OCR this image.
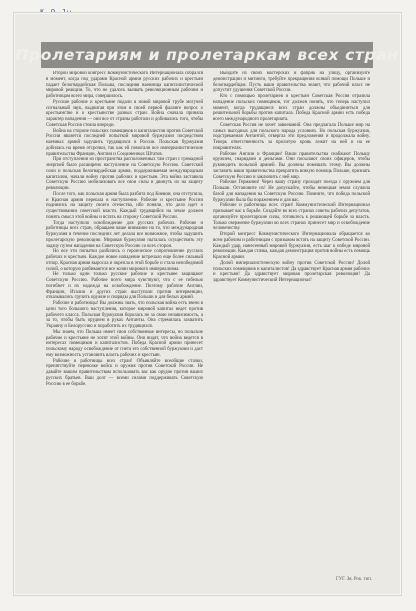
Пролетариям и пролетаркам всех стран

Второй мировой конгресс Коммунистического Интернационала собрался в момент, когда под ударами Красной армии русских рабочих и крестьян падает белогвардейская Польша, последняя наемница капиталистической мировой реакции. То, что не удалось вызвать революционным рабочим и работницам всего мира, совершилось.

Русские рабочие и крестьяне подали в новой мировой трубе могучей сигнальный звук, выдвигая при этом в своей первой фаланге вопрос о крестьянстве и о крестьянстве разных стран. Война сначала приняла характер нападения — они все от страны работали и добивались того, чтобы Советская Россия стояла впереди.

Война на стороне польских помещиков и капиталистов против Советской России является последней попыткой мировой буржуазии посредством наемных армий задушить трудящихся в России. Польская буржуазия добилась на время отсрочки, так как ей помогали все империалистические правительства Франции, Англии и Соединенных Штатов.

При отступлении из пространства расположенных там стран с громадной энергией было расширено наступление на Советскую Россию. Советский союз и польская белогвардейская армия, поддерживаемая международным капиталом, начали войну против рабочих и крестьян. Эта война заставила Советскую Россию мобилизовать все свои силы и двинуть их на защиту революции.

После того, как польская армия была разбита под Киевом, она отступила, и Красная армия перешла в наступление. Рабочие и крестьяне России поднялись на защиту своего отечества, ибо поняли, что дело идет о существовании советской власти. Каждый трудящийся на земле должен понять смысл этой войны и встать на сторону Советской России.

Тогда наступило освобождение для русских рабочих. Рабочие и работницы всех стран, обращаем ваше внимание на то, что международная буржуазия в течение последних лет делала все возможное, чтобы задушить пролетарскую революцию. Мировая буржуазия пыталась осуществить эту задачу путем нападения на Советскую Россию со всех сторон.

Но все эти попытки разбились о героическое сопротивление русских рабочих и крестьян. Каждое новое нападение встречало еще более сильный отпор. Красная армия выросла и окрепла в этой борьбе и стала непобедимой силой, о которую разбиваются все козни мирового империализма.

Не только одни только русские рабочие и крестьяне защищают Советскую Россию. Рабочие всего мира чувствуют, что с ее гибелью погибнет и их надежда на освобождение. Поэтому рабочие Англии, Франции, Италии и других стран выступали против интервенции, отказывались грузить оружие и снаряды для Польши и для белых армий.

Рабочие и работницы! Вы должны знать, что польская война есть звено в цепи того большого наступления, которое мировой капитал ведет против рабочего класса. Польская буржуазия боролась не за свою независимость, а за то, чтобы быть орудием в руках Антанты. Она стремилась захватить Украину и Белоруссию и поработить их трудящихся.

Мы знаем, что Польша имеет свои собственные интересы, но польские рабочие и крестьяне не хотят этой войны. Они видят, что война ведется в интересах помещиков и капиталистов. Победа Красной армии принесет польскому народу освобождение от гнета его собственной буржуазии и даст ему возможность установить власть рабочих и крестьян.

Рабочие и работницы всех стран! Объявляйте всеобщие стачки, препятствуйте перевозке войск и оружия против Советской России. Не давайте вашим правительствам использовать вас как орудие против ваших русских братьев. Ваш долг — всеми силами поддерживать Советскую Россию в ее борьбе.

Выйдите из своих мастерских и фабрик на улицу, организуйте демонстрации и митинги, требуйте прекращения всякой помощи Польше и белогвардейцам. Пусть ваши правительства знают, что рабочий класс не допустит удушения Советской России.

Кто с помощью пролетариев и крестьян Советская Россия отразила нападение польских помещиков, тот должен понять, что теперь наступил момент, когда трудящиеся всех стран должны объединиться для решительной борьбы против капитала. Победа Красной армии есть победа всего международного пролетариата.

Советская Россия не хочет завоеваний. Она предлагала Польше мир на самых выгодных для польского народа условиях. Но польская буржуазия, подстрекаемая Антантой, отвергла эти предложения и продолжала войну. Теперь ответственность за пролитую кровь лежит на ней и на ее покровителях.

Рабочие Англии и Франции! Ваши правительства снабжают Польшу оружием, снарядами и деньгами. Они посылают своих офицеров, чтобы руководить польской армией. Вы должны помешать этому. Вы должны заставить ваши правительства прекратить всякую помощь Польше, признать Советскую Россию и заключить с ней мир.

Рабочие Германии! Через вашу страну проходят поезда с оружием для Польши. Остановите их! Не допускайте, чтобы немецкая земля служила базой для нападения на Советскую Россию. Помните, что победа польской буржуазии была бы поражением и для вас.

Рабочие и работницы всех стран! Коммунистический Интернационал призывает вас к борьбе. Создайте во всех странах советы рабочих депутатов, организуйте пролетарские силы, готовьтесь к решающей борьбе за власть. Только свержение буржуазии во всех странах принесет мир и освобождение человечеству.

Второй конгресс Коммунистического Интернационала обращается ко всем рабочим и работницам с призывом встать на защиту Советской России. Каждый удар, нанесенный мировой буржуазии, есть шаг к победе мировой революции. Каждая стачка, каждая демонстрация против войны есть помощь Красной армии.

Долой империалистическую войну против Советской России! Долой польских помещиков и капиталистов! Да здравствует Красная армия рабочих и крестьян! Да здравствует мировая пролетарская революция! Да здравствует Коммунистический Интернационал!

ГУГ. Зв. Рок. тип.
